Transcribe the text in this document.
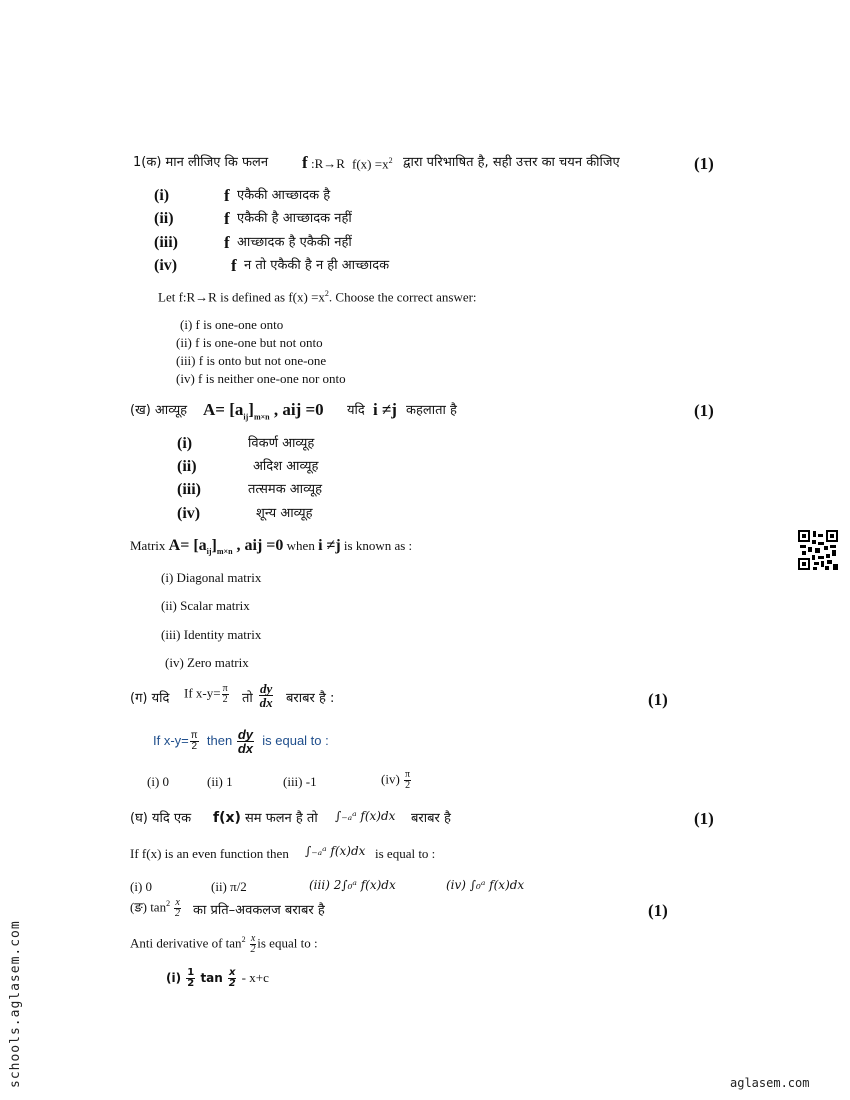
1(क) मान लीजिए कि फलन f :R→R $f(x) =x^2$ द्वारा परिभाषित है, सही उत्तर का चयन कीजिए	(1)
(i)	f एकैकी आच्छादक है
(ii)	f एकैकी है आच्छादक नहीं
(iii)	f आच्छादक है एकैकी नहीं
(iv)	f न तो एकैकी है न ही आच्छादक
Let f:R→R is defined as $f(x) =x^2$. Choose the correct answer:
(i) f is one-one onto
(ii) f is one-one but not onto
(iii) f is onto but not one-one
(iv) f is neither one-one nor onto
(ख) आव्यूह $A= [a_{ij}]_{m\times n}$ , aij =0 यदि i ≠j कहलाता है	(1)
(i)	विकर्ण आव्यूह
(ii)	अदिश आव्यूह
(iii)	तत्समक आव्यूह
(iv)	शून्य आव्यूह
Matrix $A= [a_{ij}]_{m\times n}$ , aij =0 when i ≠j is known as :
(i) Diagonal matrix
(ii) Scalar matrix
(iii) Identity matrix
(iv) Zero matrix
(ग) यदि If $x-y= \frac{\pi}{2}$ तो $\frac{dy}{dx}$ बराबर है :	(1)
If $x-y= \frac{\pi}{2}$ then $\frac{dy}{dx}$ is equal to :
(i) 0	(ii) 1	(iii) -1	$(iv) \frac{\pi}{2}$
(घ) यदि एक f(x) सम फलन है तो ∫₋ₐᵃ f(x)dx बराबर है	(1)
If f(x) is an even function then ∫₋ₐᵃ f(x)dx is equal to :
(i) 0	(ii) π/2	(iii) 2∫₀ᵃ f(x)dx	(iv) ∫₀ᵃ f(x)dx
(ङ) $\tan^2 \frac{x}{2}$ का प्रति–अवकलज बराबर है	(1)
Anti derivative of $\tan^2 \frac{x}{2}$ is equal to :
$(i) \frac{1}{2}$ $\tan \frac{x}{2} - x+c$
schools.aglasem.com	aglasem.com
